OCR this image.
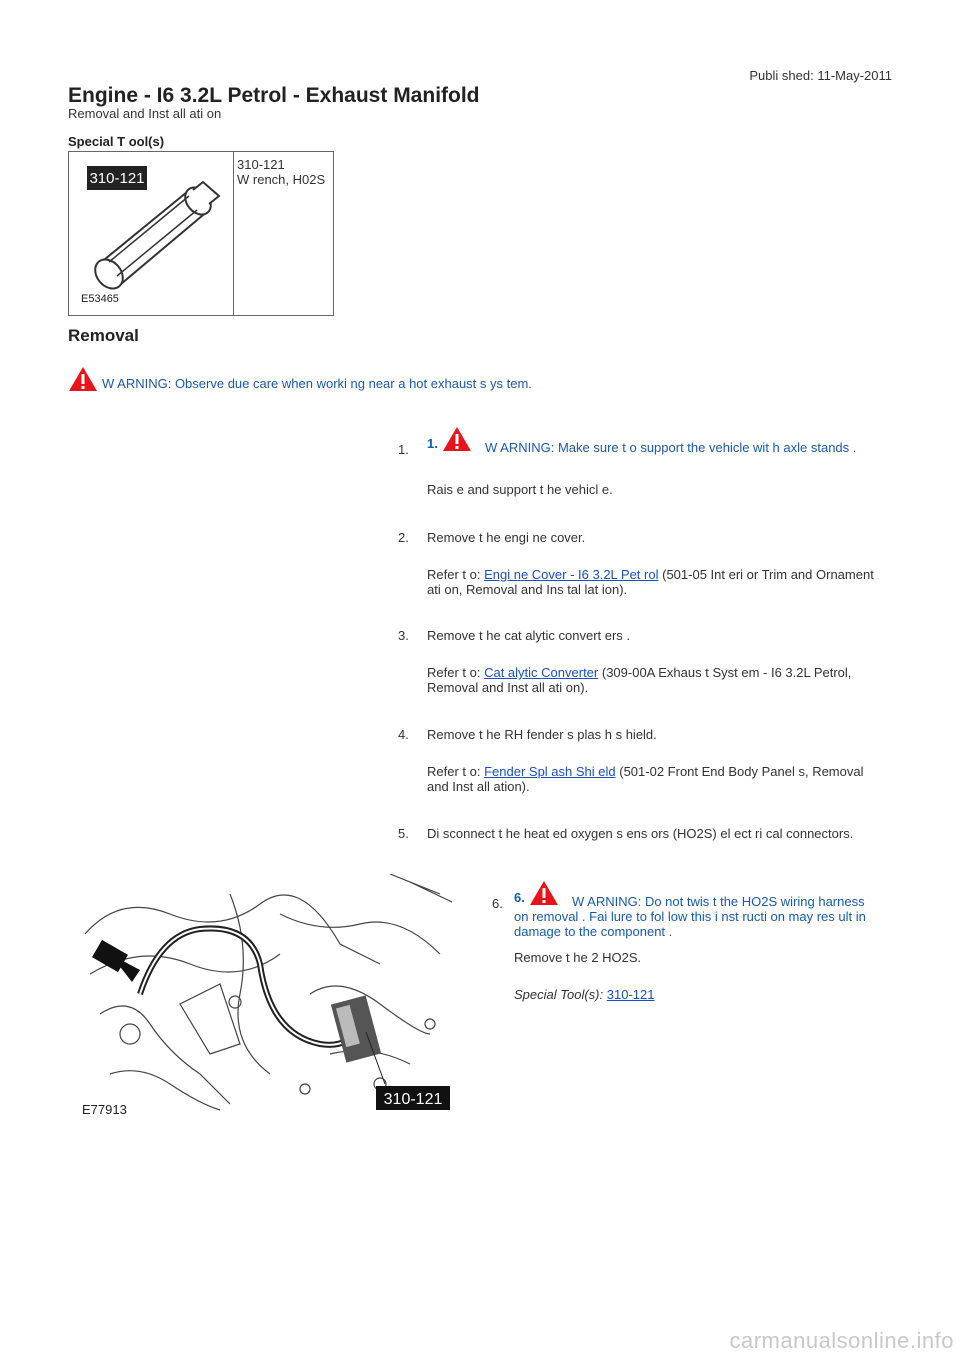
Publi shed: 11-May-2011
Engine - I6 3.2L Petrol - Exhaust Manifold
Removal and Inst all ati on
Special T ool(s)
310-121
E53465
310-121
W rench, H02S
Removal
W ARNING: Observe due care when worki ng near a hot exhaust s ys tem.
1. 1.	W ARNING: Make sure t o support the vehicle wit h axle stands .

Rais e and support t he vehicl e.

2. Remove t he engi ne cover.

Refer t o: Engi ne Cover - I6 3.2L Pet rol (501-05 Int eri or Trim and Ornament ati on, Removal and Ins tal lat ion).

3. Remove t he cat alytic convert ers .

Refer t o: Cat alytic Converter (309-00A Exhaus t Syst em - I6 3.2L Petrol, Removal and Inst all ati on).

4. Remove t he RH fender s plas h s hield.

Refer t o: Fender Spl ash Shi eld (501-02 Front End Body Panel s, Removal and Inst all ation).

5. Di sconnect t he heat ed oxygen s ens ors (HO2S) el ect ri cal connectors.

310-121
E77913
6. 6.	W ARNING: Do not twis t the HO2S wiring harness on removal . Fai lure to fol low this i nst ructi on may res ult in damage to the component .

Remove t he 2 HO2S.

Special Tool(s): 310-121

carmanualsonline.info
